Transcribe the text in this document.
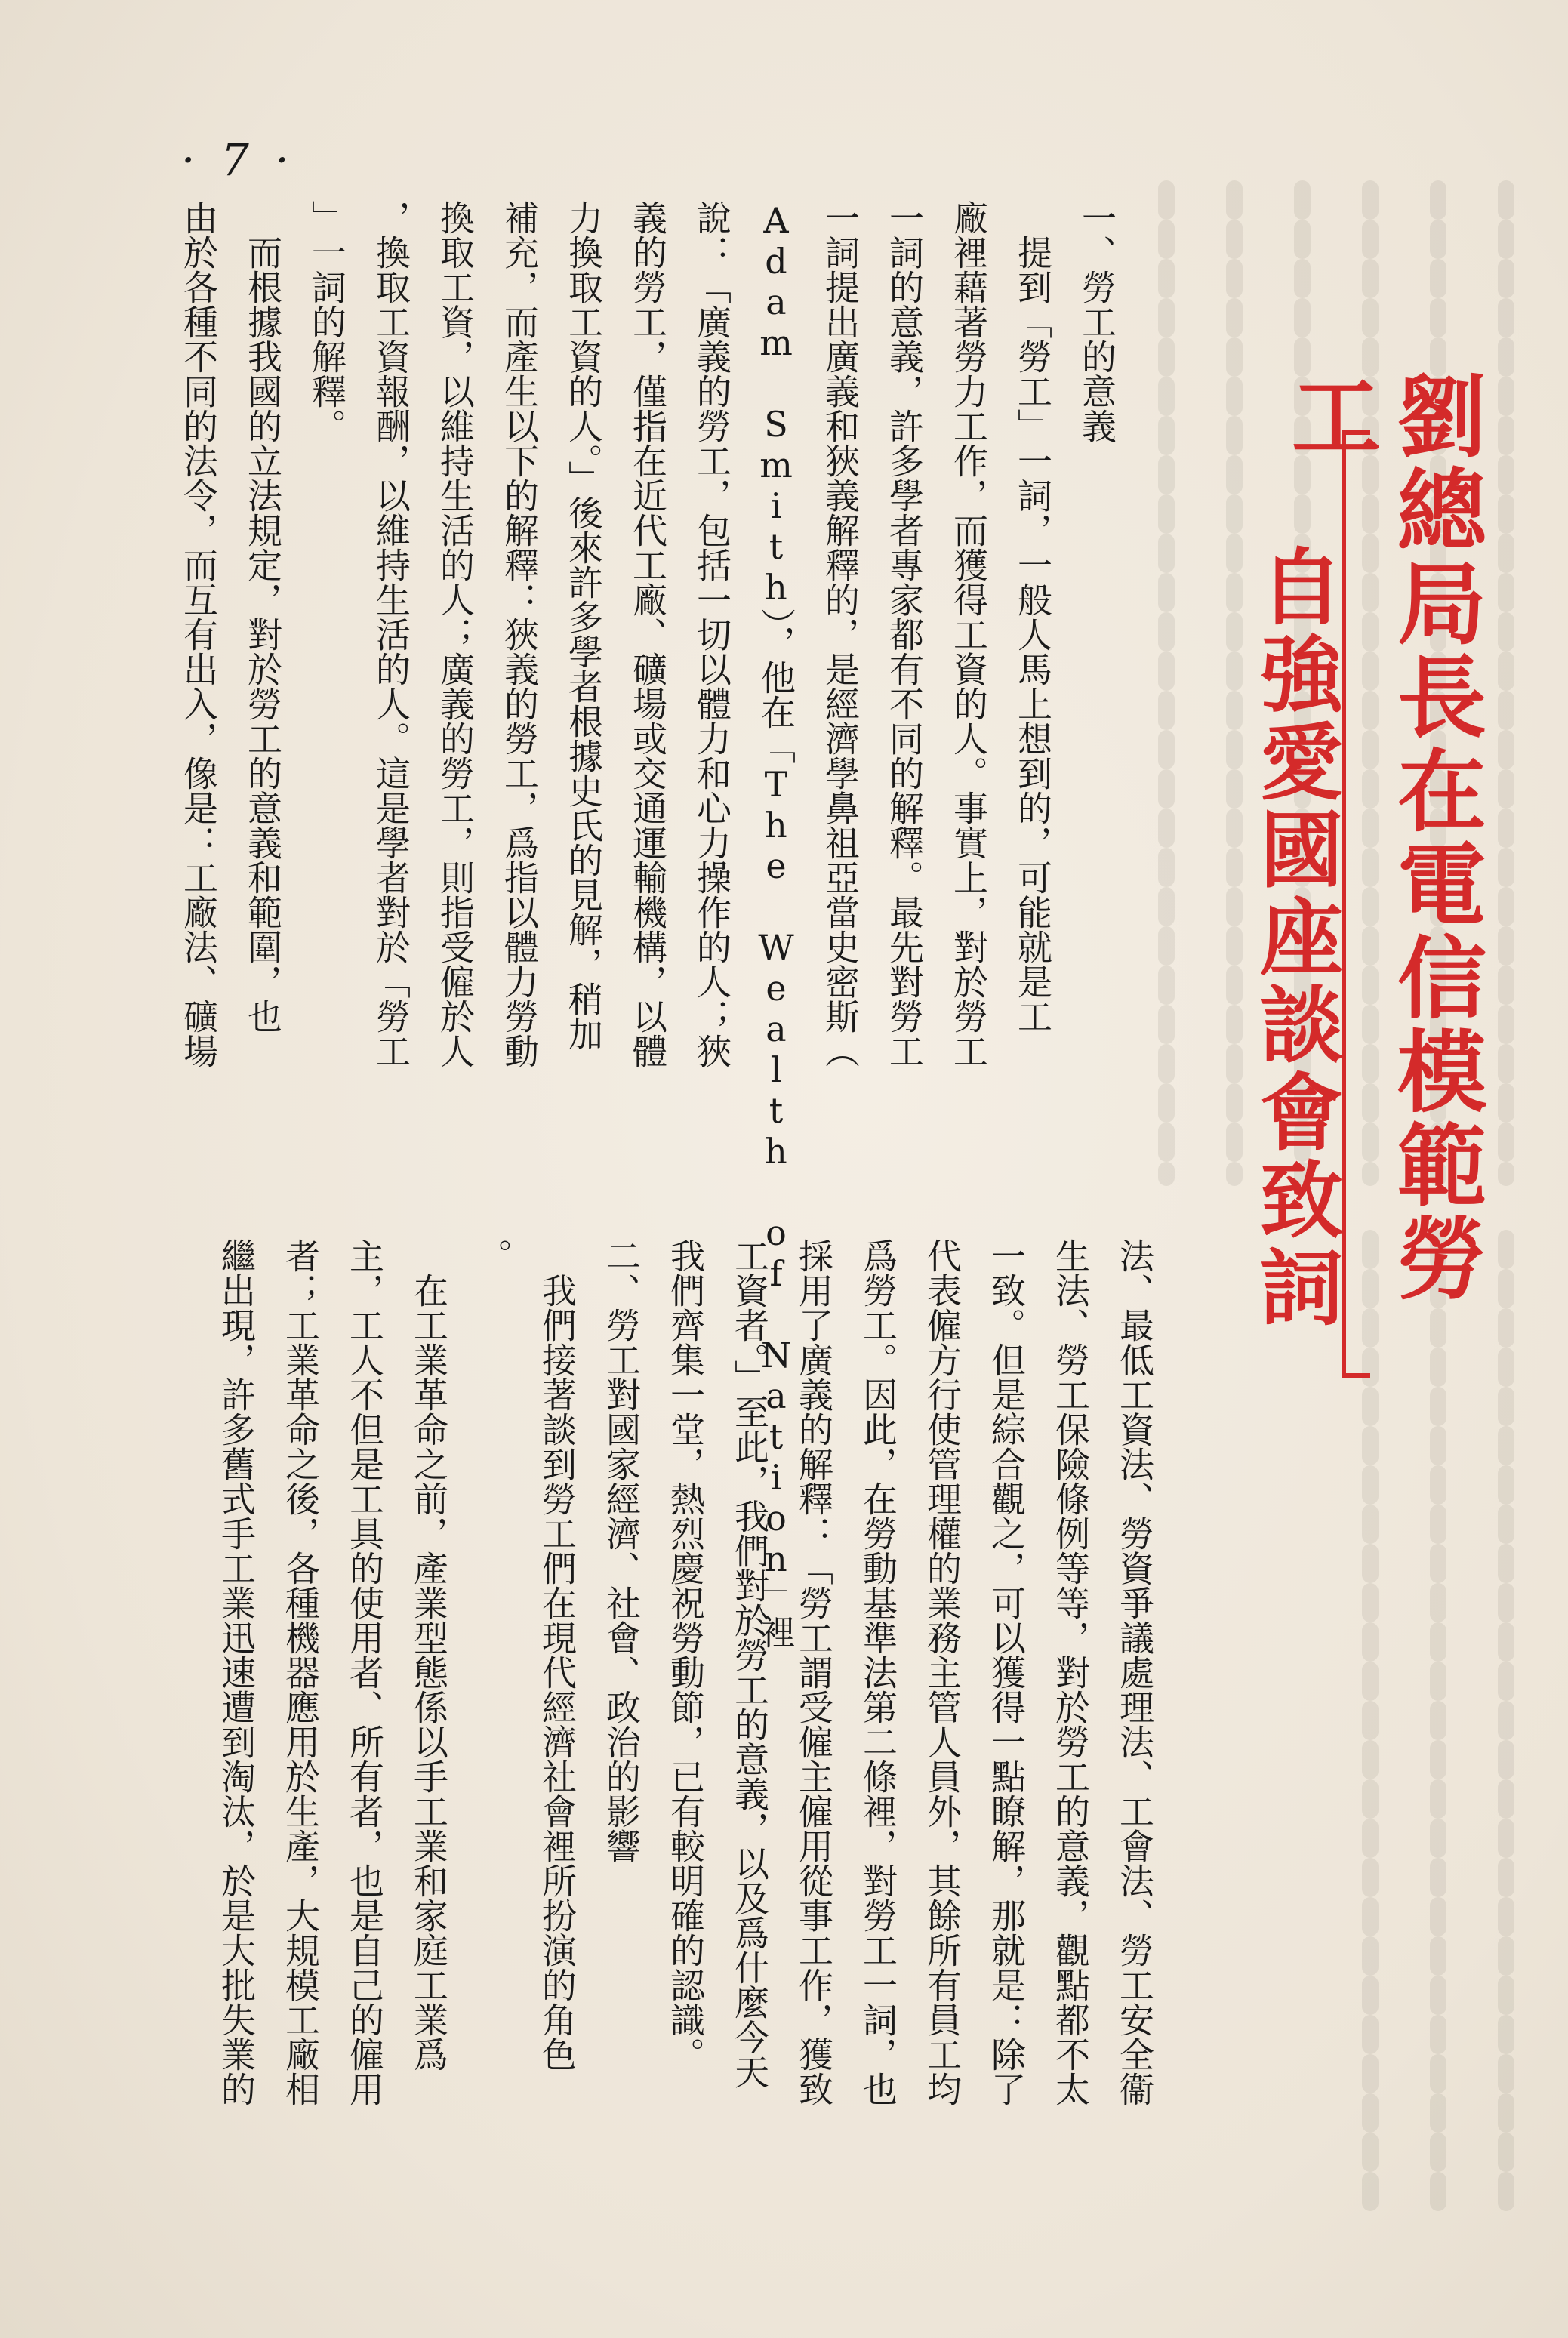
· 7 ·
劉總局長在電信模範勞工
自強愛國座談會致詞
一、勞工的意義
　提到「勞工」一詞，一般人馬上想到的，可能就是工
廠裡藉著勞力工作，而獲得工資的人。事實上，對於勞工
一詞的意義，許多學者專家都有不同的解釋。最先對勞工
一詞提出廣義和狹義解釋的，是經濟學鼻祖亞當史密斯（
Adam Smith），他在「The Wealth of Nation」裡
說：「廣義的勞工，包括一切以體力和心力操作的人；狹
義的勞工，僅指在近代工廠、礦場或交通運輸機構，以體
力換取工資的人。」後來許多學者根據史氏的見解，稍加
補充，而產生以下的解釋：狹義的勞工，爲指以體力勞動
換取工資，以維持生活的人；廣義的勞工，則指受僱於人
，換取工資報酬，以維持生活的人。這是學者對於「勞工
」一詞的解釋。
　而根據我國的立法規定，對於勞工的意義和範圍，也
由於各種不同的法令，而互有出入，像是：工廠法、礦場
法、最低工資法、勞資爭議處理法、工會法、勞工安全衞
生法、勞工保險條例等等，對於勞工的意義，觀點都不太
一致。但是綜合觀之，可以獲得一點瞭解，那就是：除了
代表僱方行使管理權的業務主管人員外，其餘所有員工均
爲勞工。因此，在勞動基準法第二條裡，對勞工一詞，也
採用了廣義的解釋：「勞工謂受僱主僱用從事工作，獲致
工資者。」至此，我們對於勞工的意義，以及爲什麼今天
我們齊集一堂，熱烈慶祝勞動節，已有較明確的認識。
二、勞工對國家經濟、社會、政治的影響
　我們接著談到勞工們在現代經濟社會裡所扮演的角色
。
　在工業革命之前，產業型態係以手工業和家庭工業爲
主，工人不但是工具的使用者、所有者，也是自己的僱用
者；工業革命之後，各種機器應用於生產，大規模工廠相
繼出現，許多舊式手工業迅速遭到淘汰，於是大批失業的
